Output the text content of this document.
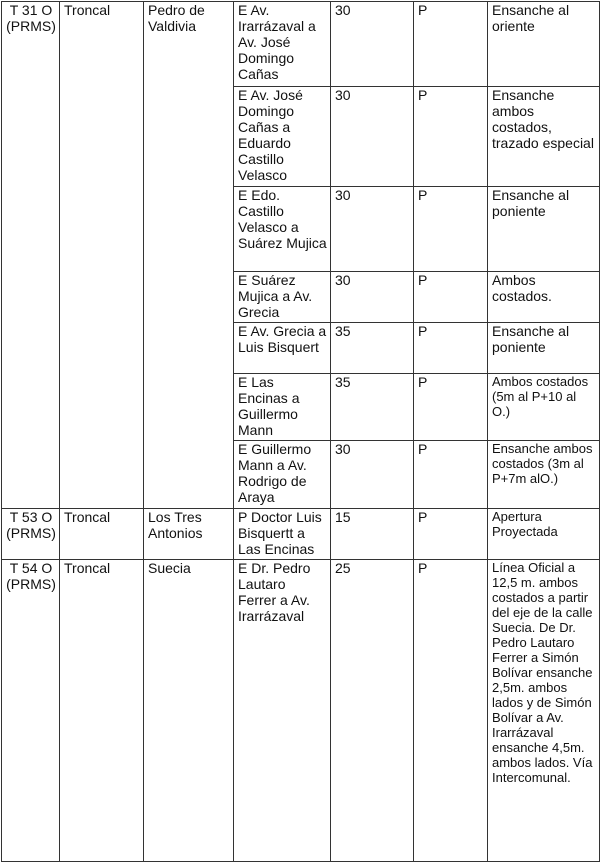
T 31 O (PRMS)	Troncal	Pedro de Valdivia	E Av. Irarrázaval a Av. José Domingo Cañas	30	P	Ensanche al oriente
			E Av. José Domingo Cañas a Eduardo Castillo Velasco	30	P	Ensanche ambos costados, trazado especial
			E Edo. Castillo Velasco a Suárez Mujica	30	P	Ensanche al poniente
			E Suárez Mujica a Av. Grecia	30	P	Ambos costados.
			E Av. Grecia a Luis Bisquert	35	P	Ensanche al poniente
			E Las Encinas a Guillermo Mann	35	P	Ambos costados (5m al P+10 al O.)
			E Guillermo Mann a Av. Rodrigo de Araya	30	P	Ensanche ambos costados (3m al P+7m alO.)
T 53 O (PRMS)	Troncal	Los Tres Antonios	P Doctor Luis Bisquertt a Las Encinas	15	P	Apertura Proyectada
T 54 O (PRMS)	Troncal	Suecia	E Dr. Pedro Lautaro Ferrer a Av. Irarrázaval	25	P	Línea Oficial a 12,5 m. ambos costados a partir del eje de la calle Suecia. De Dr. Pedro Lautaro Ferrer a Simón Bolívar ensanche 2,5m. ambos lados y de Simón Bolívar a Av. Irarrázaval ensanche 4,5m. ambos lados. Vía Intercomunal.
